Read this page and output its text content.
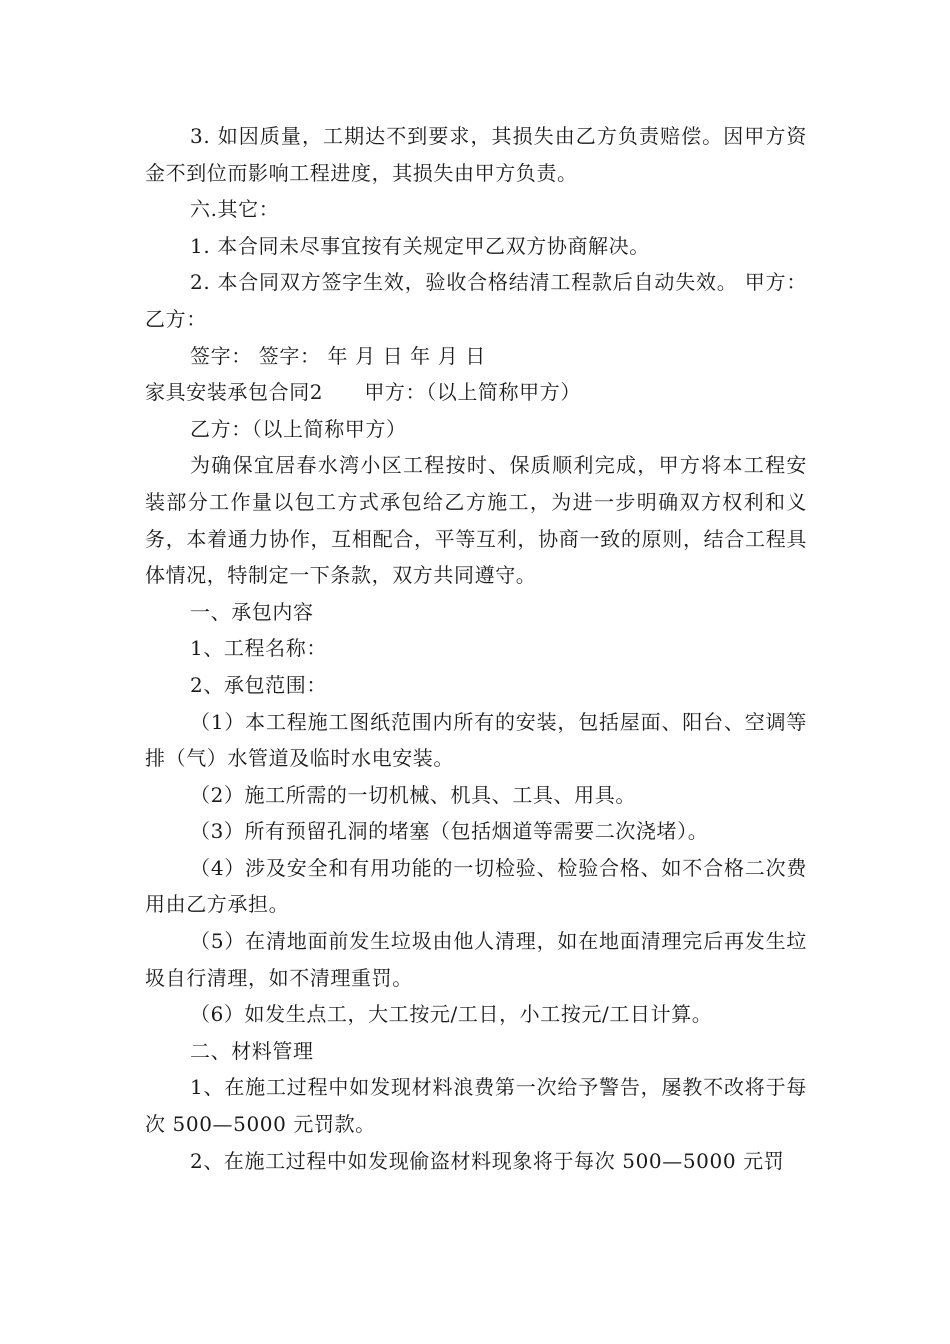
3. 如因质量，工期达不到要求，其损失由乙方负责赔偿。因甲方资金不到位而影响工程进度，其损失由甲方负责。

六.其它：

1. 本合同未尽事宜按有关规定甲乙双方协商解决。

2. 本合同双方签字生效，验收合格结清工程款后自动失效。 甲方： 乙方：

签字： 签字： 年 月 日 年 月 日

家具安装承包合同2　　甲方：（以上简称甲方）

乙方：（以上简称甲方）

为确保宜居春水湾小区工程按时、保质顺利完成，甲方将本工程安装部分工作量以包工方式承包给乙方施工，为进一步明确双方权利和义务，本着通力协作，互相配合，平等互利，协商一致的原则，结合工程具体情况，特制定一下条款，双方共同遵守。

一、承包内容

1、工程名称：

2、承包范围：

（1）本工程施工图纸范围内所有的安装，包括屋面、阳台、空调等排（气）水管道及临时水电安装。

（2）施工所需的一切机械、机具、工具、用具。

（3）所有预留孔洞的堵塞（包括烟道等需要二次浇堵）。

（4）涉及安全和有用功能的一切检验、检验合格、如不合格二次费用由乙方承担。

（5）在清地面前发生垃圾由他人清理，如在地面清理完后再发生垃圾自行清理，如不清理重罚。

（6）如发生点工，大工按元/工日，小工按元/工日计算。

二、材料管理

1、在施工过程中如发现材料浪费第一次给予警告，屡教不改将于每次 500—5000 元罚款。

2、在施工过程中如发现偷盗材料现象将于每次 500—5000 元罚
